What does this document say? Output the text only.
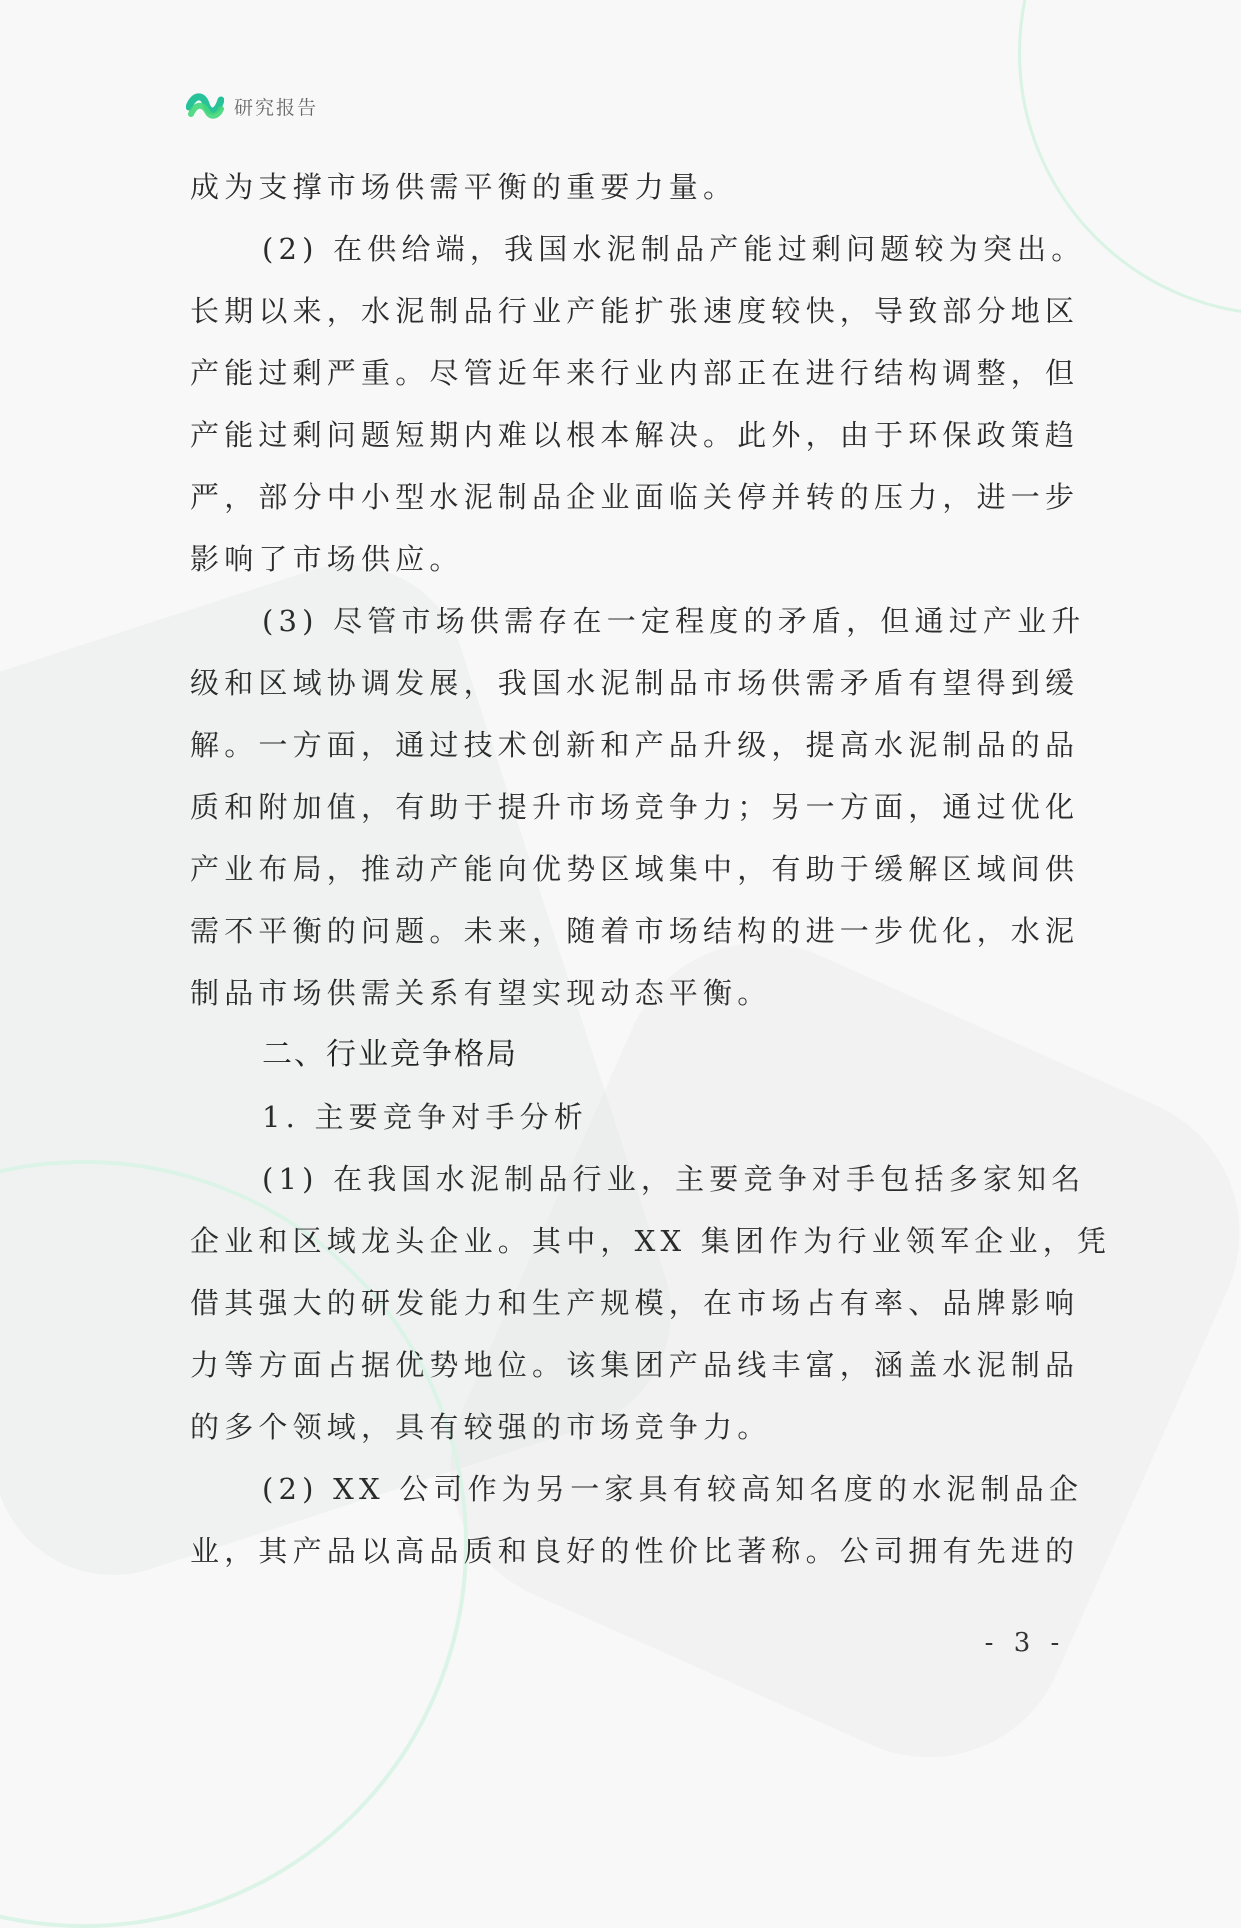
研究报告
成为支撑市场供需平衡的重要力量。
(2) 在供给端，我国水泥制品产能过剩问题较为突出。
长期以来，水泥制品行业产能扩张速度较快，导致部分地区
产能过剩严重。尽管近年来行业内部正在进行结构调整，但
产能过剩问题短期内难以根本解决。此外，由于环保政策趋
严，部分中小型水泥制品企业面临关停并转的压力，进一步
影响了市场供应。
(3) 尽管市场供需存在一定程度的矛盾，但通过产业升
级和区域协调发展，我国水泥制品市场供需矛盾有望得到缓
解。一方面，通过技术创新和产品升级，提高水泥制品的品
质和附加值，有助于提升市场竞争力；另一方面，通过优化
产业布局，推动产能向优势区域集中，有助于缓解区域间供
需不平衡的问题。未来，随着市场结构的进一步优化，水泥
制品市场供需关系有望实现动态平衡。
二、行业竞争格局
1. 主要竞争对手分析
(1) 在我国水泥制品行业，主要竞争对手包括多家知名
企业和区域龙头企业。其中，XX 集团作为行业领军企业，凭
借其强大的研发能力和生产规模，在市场占有率、品牌影响
力等方面占据优势地位。该集团产品线丰富，涵盖水泥制品
的多个领域，具有较强的市场竞争力。
(2) XX 公司作为另一家具有较高知名度的水泥制品企
业，其产品以高品质和良好的性价比著称。公司拥有先进的
- 3 -
